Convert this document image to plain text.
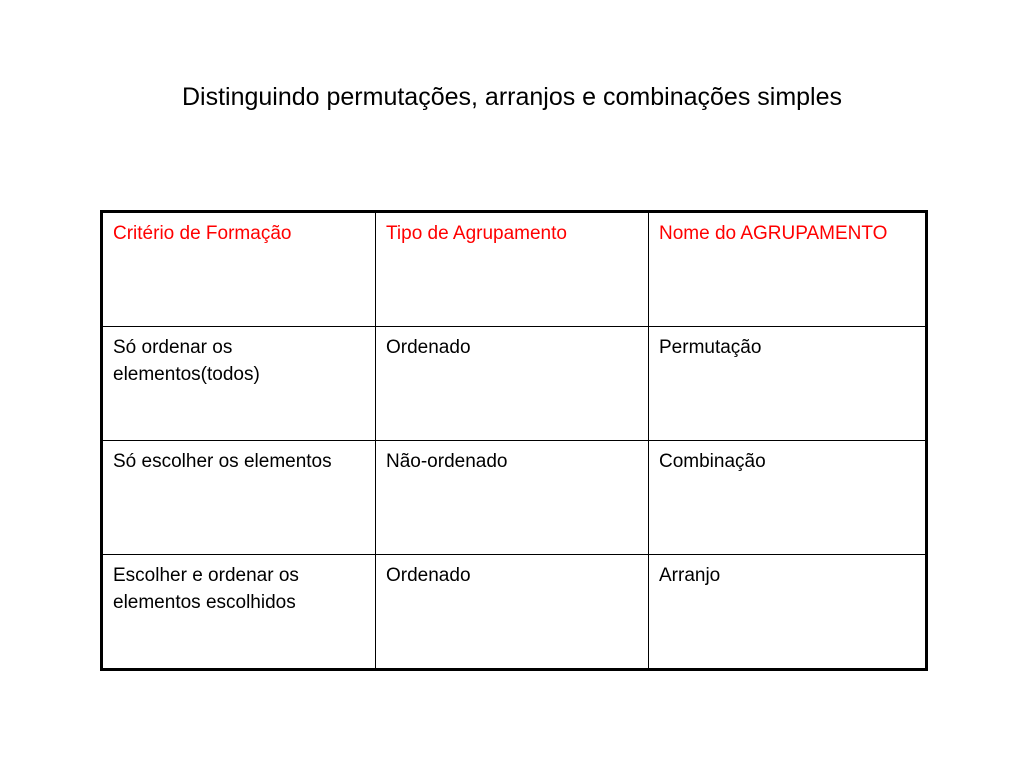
Distinguindo permutações, arranjos e combinações simples
Critério de Formação	Tipo de Agrupamento	Nome do AGRUPAMENTO
Só ordenar os elementos(todos)	Ordenado	Permutação
Só escolher os elementos	Não-ordenado	Combinação
Escolher e ordenar os elementos escolhidos	Ordenado	Arranjo
